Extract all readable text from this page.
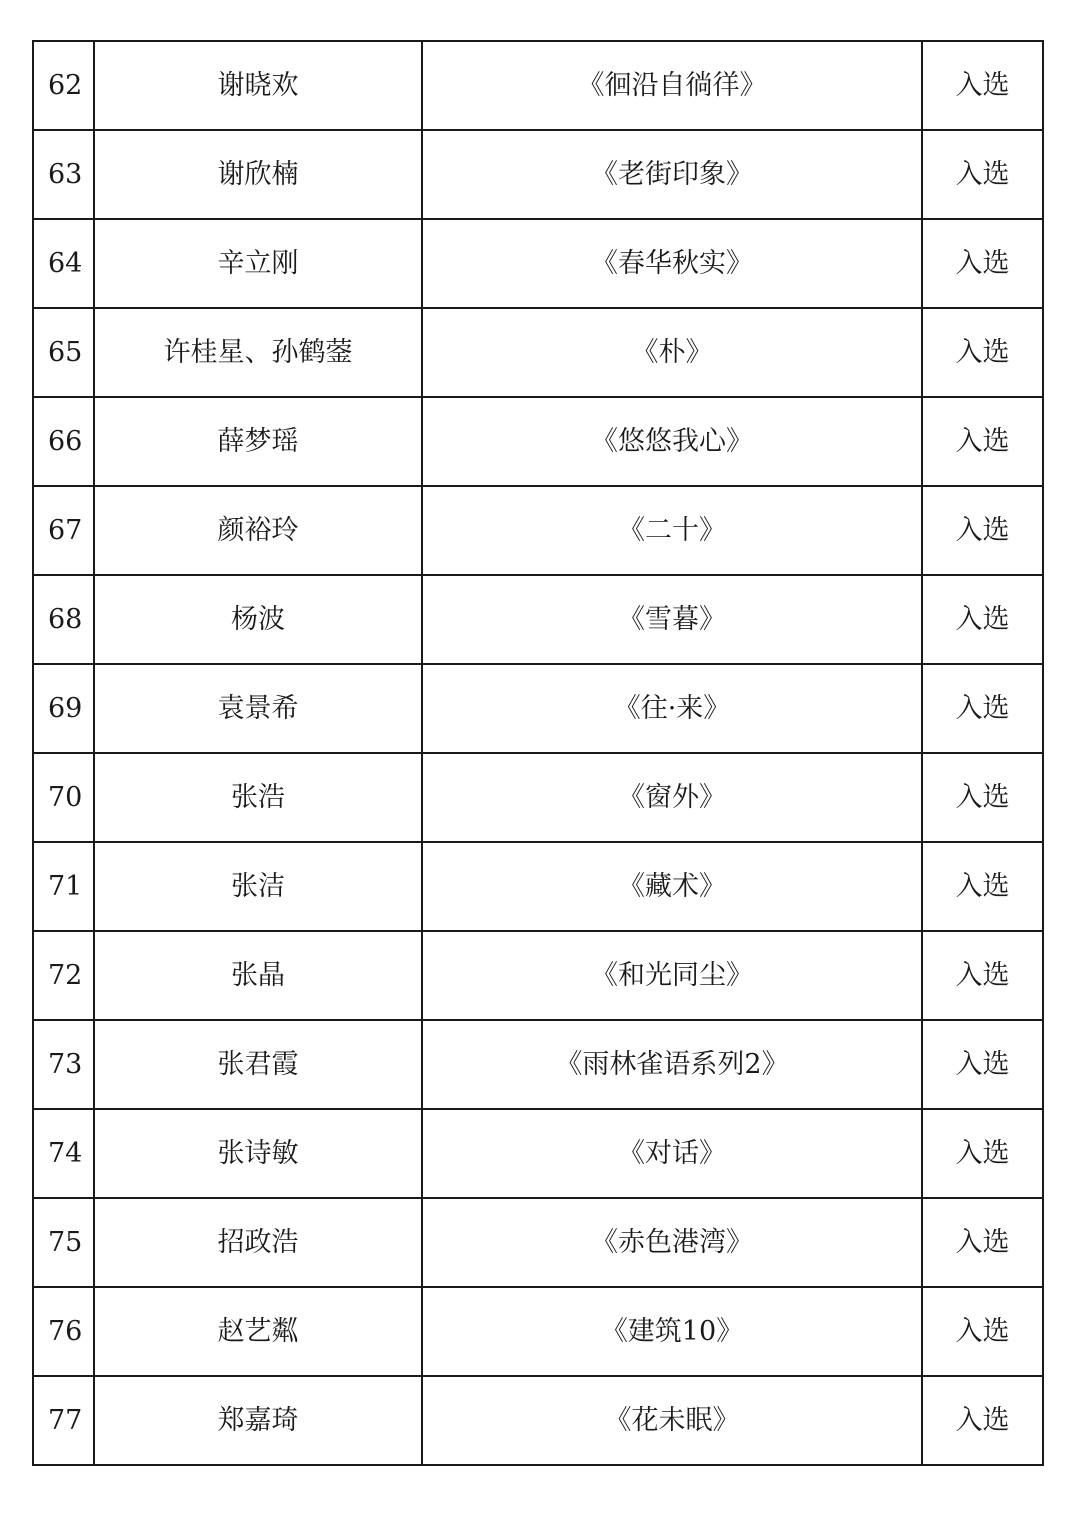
62	谢晓欢	《徊沿自徜徉》	入选
63	谢欣楠	《老街印象》	入选
64	辛立刚	《春华秋实》	入选
65	许桂星、孙鹤蓥	《朴》	入选
66	薛梦瑶	《悠悠我心》	入选
67	颜裕玲	《二十》	入选
68	杨波	《雪暮》	入选
69	袁景希	《往·来》	入选
70	张浩	《窗外》	入选
71	张洁	《藏术》	入选
72	张晶	《和光同尘》	入选
73	张君霞	《雨林雀语系列2》	入选
74	张诗敏	《对话》	入选
75	招政浩	《赤色港湾》	入选
76	赵艺粼	《建筑10》	入选
77	郑嘉琦	《花未眠》	入选
